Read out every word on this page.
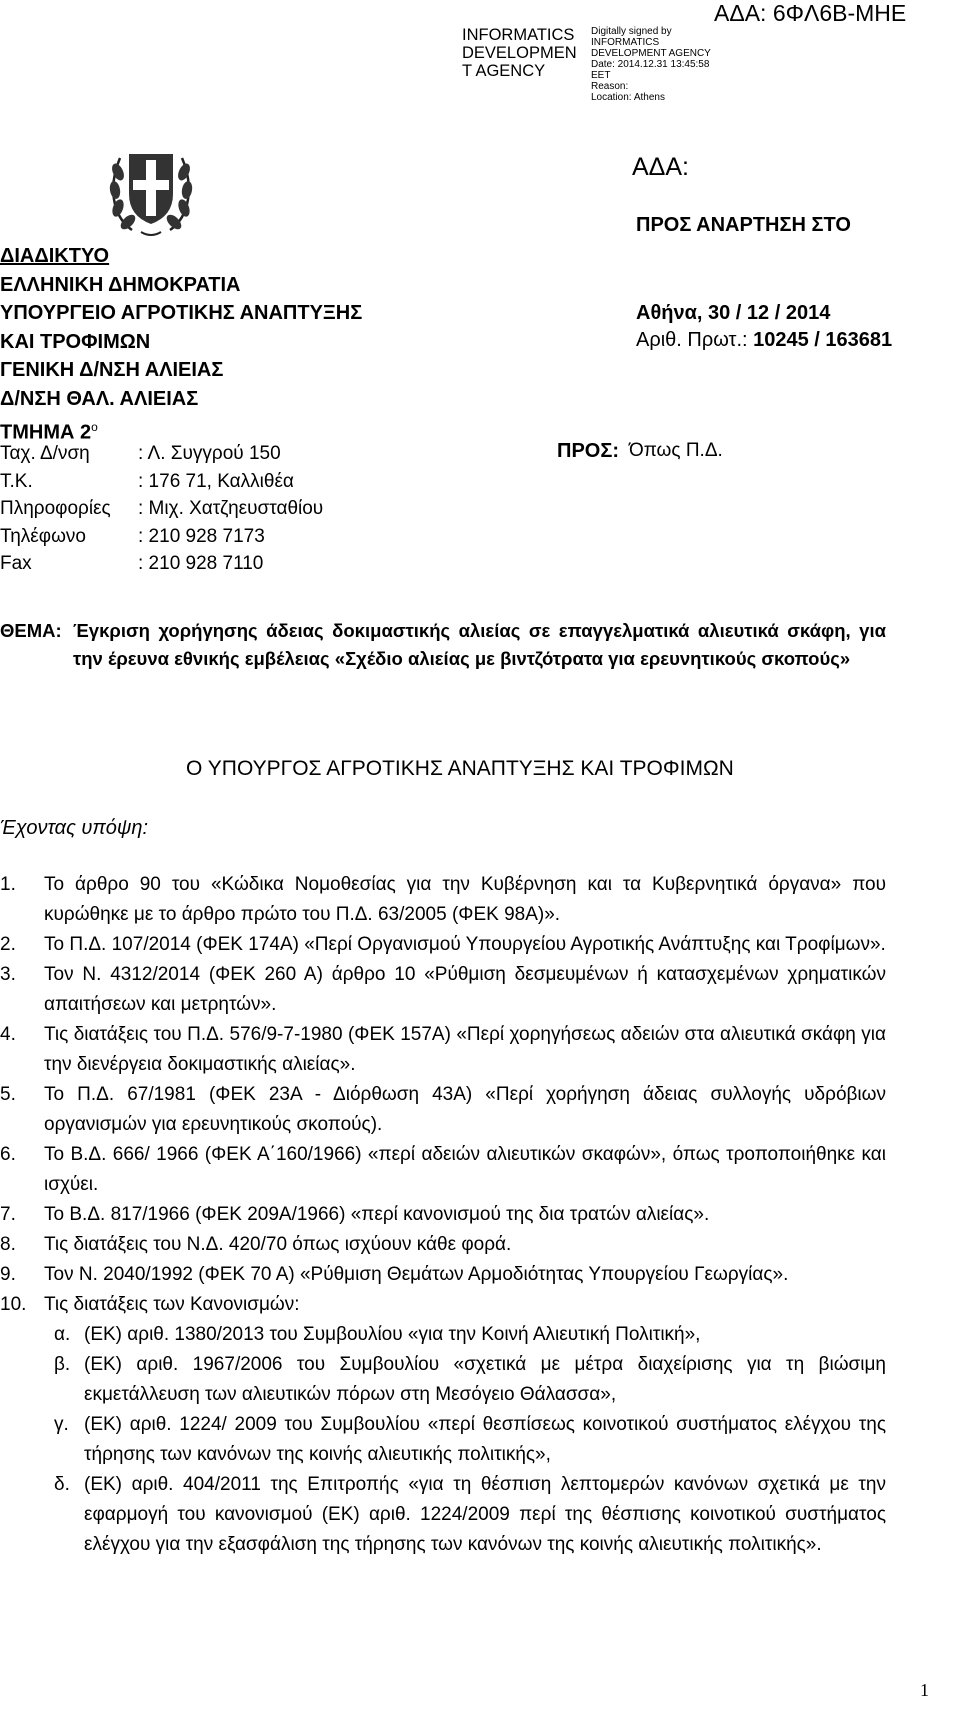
INFORMATICS
DEVELOPMEN
T AGENCY
Digitally signed by
INFORMATICS
DEVELOPMENT AGENCY
Date: 2014.12.31 13:45:58
EET
Reason:
Location: Athens
ΑΔΑ: 6ΦΛ6Β-ΜΗΕ
ΑΔΑ:
ΠΡΟΣ ΑΝΑΡΤΗΣΗ ΣΤΟ
ΔΙΑΔΙΚΤΥΟ
ΕΛΛΗΝΙΚΗ ΔΗΜΟΚΡΑΤΙΑ
ΥΠΟΥΡΓΕΙΟ ΑΓΡΟΤΙΚΗΣ ΑΝΑΠΤΥΞΗΣ
ΚΑΙ ΤΡΟΦΙΜΩΝ
ΓΕΝΙΚΗ Δ/ΝΣΗ ΑΛΙΕΙΑΣ
Δ/ΝΣΗ ΘΑΛ. ΑΛΙΕΙΑΣ
ΤΜΗΜΑ $2^o$
Αθήνα, 30 / 12 / 2014
Αριθ. Πρωτ.: 10245 / 163681
Ταχ. Δ/νση	: Λ. Συγγρού 150
Τ.Κ.	: 176 71, Καλλιθέα
Πληροφορίες	: Μιχ. Χατζηευσταθίου
Τηλέφωνο	: 210 928 7173
Fax	: 210 928 7110
ΠΡΟΣ: Όπως Π.Δ.
ΘΕΜΑ: Έγκριση χορήγησης άδειας δοκιμαστικής αλιείας σε επαγγελματικά αλιευτικά σκάφη, για την έρευνα εθνικής εμβέλειας «Σχέδιο αλιείας με βιντζότρατα για ερευνητικούς σκοπούς»
Ο ΥΠΟΥΡΓΟΣ ΑΓΡΟΤΙΚΗΣ ΑΝΑΠΤΥΞΗΣ ΚΑΙ ΤΡΟΦΙΜΩΝ
Έχοντας υπόψη:
1. Το άρθρο 90 του «Κώδικα Νομοθεσίας για την Κυβέρνηση και τα Κυβερνητικά όργανα» που κυρώθηκε με το άρθρο πρώτο του Π.Δ. 63/2005 (ΦΕΚ 98Α)».
2. Το Π.Δ. 107/2014 (ΦΕΚ 174Α) «Περί Οργανισμού Υπουργείου Αγροτικής Ανάπτυξης και Τροφίμων».
3. Τον Ν. 4312/2014 (ΦΕΚ 260 Α) άρθρο 10 «Ρύθμιση δεσμευμένων ή κατασχεμένων χρηματικών απαιτήσεων και μετρητών».
4. Τις διατάξεις του Π.Δ. 576/9-7-1980 (ΦΕΚ 157Α) «Περί χορηγήσεως αδειών στα αλιευτικά σκάφη για την διενέργεια δοκιμαστικής αλιείας».
5. Το Π.Δ. 67/1981 (ΦΕΚ 23Α - Διόρθωση 43Α) «Περί χορήγηση άδειας συλλογής υδρόβιων οργανισμών για ερευνητικούς σκοπούς).
6. Το Β.Δ. 666/ 1966 (ΦΕΚ Α΄160/1966) «περί αδειών αλιευτικών σκαφών», όπως τροποποιήθηκε και ισχύει.
7. Το Β.Δ. 817/1966 (ΦΕΚ 209Α/1966) «περί κανονισμού της δια τρατών αλιείας».
8. Τις διατάξεις του Ν.Δ. 420/70 όπως ισχύουν κάθε φορά.
9. Τον Ν. 2040/1992 (ΦΕΚ 70 Α) «Ρύθμιση Θεμάτων Αρμοδιότητας Υπουργείου Γεωργίας».
10. Τις διατάξεις των Κανονισμών:
α. (ΕΚ) αριθ. 1380/2013 του Συμβουλίου «για την Κοινή Αλιευτική Πολιτική»,
β. (ΕΚ) αριθ. 1967/2006 του Συμβουλίου «σχετικά με μέτρα διαχείρισης για τη βιώσιμη εκμετάλλευση των αλιευτικών πόρων στη Μεσόγειο Θάλασσα»,
γ. (ΕΚ) αριθ. 1224/ 2009 του Συμβουλίου «περί θεσπίσεως κοινοτικού συστήματος ελέγχου της τήρησης των κανόνων της κοινής αλιευτικής πολιτικής»,
δ. (ΕΚ) αριθ. 404/2011 της Επιτροπής «για τη θέσπιση λεπτομερών κανόνων σχετικά με την εφαρμογή του κανονισμού (ΕΚ) αριθ. 1224/2009 περί της θέσπισης κοινοτικού συστήματος ελέγχου για την εξασφάλιση της τήρησης των κανόνων της κοινής αλιευτικής πολιτικής».
1
